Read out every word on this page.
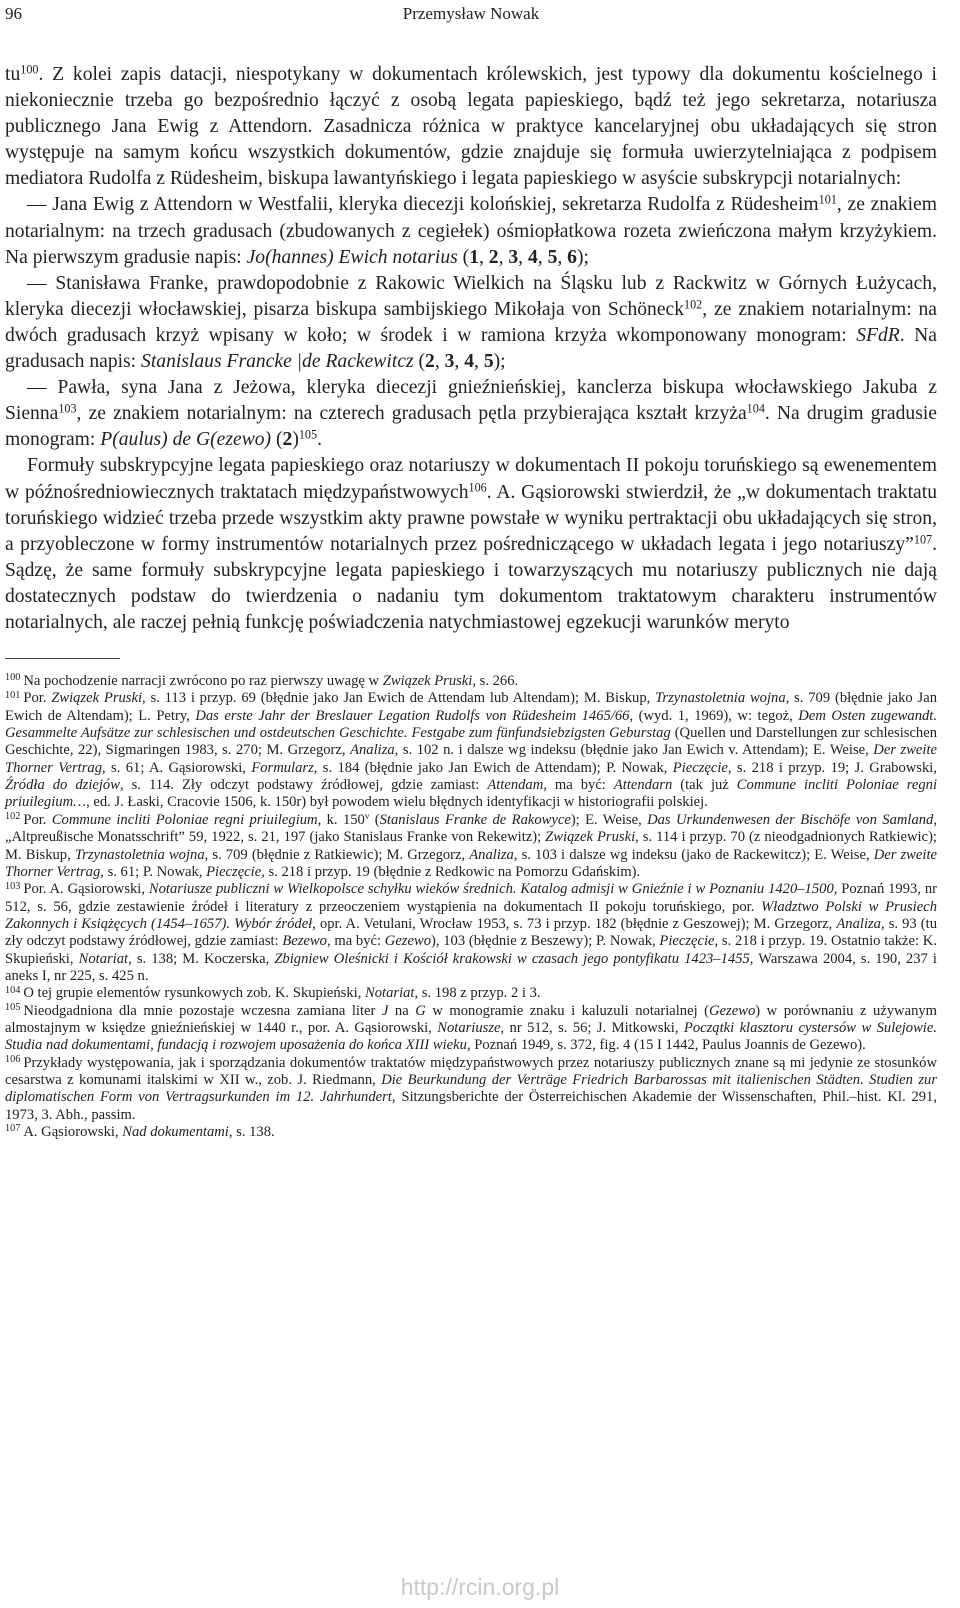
96	Przemysław Nowak

$tu^{100}$. Z kolei zapis datacji, niespotykany w dokumentach królewskich, jest typowy dla dokumentu kościelnego i niekoniecznie trzeba go bezpośrednio łączyć z osobą legata papieskiego, bądź też jego sekretarza, notariusza publicznego Jana Ewig z Attendorn. Zasadnicza różnica w praktyce kancelaryjnej obu układających się stron występuje na samym końcu wszystkich dokumentów, gdzie znajduje się formuła uwierzytelniająca z podpisem mediatora Rudolfa z Rüdesheim, biskupa lawantyńskiego i legata papieskiego w asyście subskrypcji notarialnych:

— Jana Ewig z Attendorn w Westfalii, kleryka diecezji kolońskiej, sekretarza Rudolfa z Rüdesheim$^{101}$, ze znakiem notarialnym: na trzech gradusach (zbudowanych z cegiełek) ośmiopłatkowa rozeta zwieńczona małym krzyżykiem. Na pierwszym gradusie napis: Jo(hannes) Ewich notarius (1, 2, 3, 4, 5, 6);

— Stanisława Franke, prawdopodobnie z Rakowic Wielkich na Śląsku lub z Rackwitz w Górnych Łużycach, kleryka diecezji włocławskiej, pisarza biskupa sambijskiego Mikołaja von Schöneck$^{102}$, ze znakiem notarialnym: na dwóch gradusach krzyż wpisany w koło; w środek i w ramiona krzyża wkomponowany monogram: SFdR. Na gradusach napis: Stanislaus Francke |de Rackewitcz (2, 3, 4, 5);

— Pawła, syna Jana z Jeżowa, kleryka diecezji gnieźnieńskiej, kanclerza biskupa włocławskiego Jakuba z Sienna$^{103}$, ze znakiem notarialnym: na czterech gradusach pętla przybierająca kształt krzyża$^{104}$. Na drugim gradusie monogram: P(aulus) de G(ezewo) $(2)^{105}$.

Formuły subskrypcyjne legata papieskiego oraz notariuszy w dokumentach II pokoju toruńskiego są ewenementem w późnośredniowiecznych traktatach międzypaństwowych$^{106}$. A. Gąsiorowski stwierdził, że „w dokumentach traktatu toruńskiego widzieć trzeba przede wszystkim akty prawne powstałe w wyniku pertraktacji obu układających się stron, a przyobleczone w formy instrumentów notarialnych przez pośredniczącego w układach legata i jego notariuszy”$^{107}$. Sądzę, że same formuły subskrypcyjne legata papieskiego i towarzyszących mu notariuszy publicznych nie dają dostatecznych podstaw do twierdzenia o nadaniu tym dokumentom traktatowym charakteru instrumentów notarialnych, ale raczej pełnią funkcję poświadczenia natychmiastowej egzekucji warunków meryto

$^{100}$ Na pochodzenie narracji zwrócono po raz pierwszy uwagę w Związek Pruski, s. 266.

$^{101}$ Por. Związek Pruski, s. 113 i przyp. 69 (błędnie jako Jan Ewich de Attendam lub Altendam); M. Biskup, Trzynastoletnia wojna, s. 709 (błędnie jako Jan Ewich de Altendam); L. Petry, Das erste Jahr der Breslauer Legation Rudolfs von Rüdesheim 1465/66, (wyd. 1, 1969), w: tegoż, Dem Osten zugewandt. Gesammelte Aufsätze zur schlesischen und ostdeutschen Geschichte. Festgabe zum fünfundsiebzigsten Geburstag (Quellen und Darstellungen zur schlesischen Geschichte, 22), Sigmaringen 1983, s. 270; M. Grzegorz, Analiza, s. 102 n. i dalsze wg indeksu (błędnie jako Jan Ewich v. Attendam); E. Weise, Der zweite Thorner Vertrag, s. 61; A. Gąsiorowski, Formularz, s. 184 (błędnie jako Jan Ewich de Attendam); P. Nowak, Pieczęcie, s. 218 i przyp. 19; J. Grabowski, Źródła do dziejów, s. 114. Zły odczyt podstawy źródłowej, gdzie zamiast: Attendam, ma być: Attendarn (tak już Commune incliti Poloniae regni priuilegium…, ed. J. Łaski, Cracovie 1506, k. 150r) był powodem wielu błędnych identyfikacji w historiografii polskiej.

$^{102}$ Por. Commune incliti Poloniae regni priuilegium, k. 150$^v$ (Stanislaus Franke de Rakowyce); E. Weise, Das Urkundenwesen der Bischöfe von Samland, „Altpreußische Monatsschrift” 59, 1922, s. 21, 197 (jako Stanislaus Franke von Rekewitz); Związek Pruski, s. 114 i przyp. 70 (z nieodgadnionych Ratkiewic); M. Biskup, Trzynastoletnia wojna, s. 709 (błędnie z Ratkiewic); M. Grzegorz, Analiza, s. 103 i dalsze wg indeksu (jako de Rackewitcz); E. Weise, Der zweite Thorner Vertrag, s. 61; P. Nowak, Pieczęcie, s. 218 i przyp. 19 (błędnie z Redkowic na Pomorzu Gdańskim).

$^{103}$ Por. A. Gąsiorowski, Notariusze publiczni w Wielkopolsce schyłku wieków średnich. Katalog admisji w Gnieźnie i w Poznaniu 1420–1500, Poznań 1993, nr 512, s. 56, gdzie zestawienie źródeł i literatury z przeoczeniem wystąpienia na dokumentach II pokoju toruńskiego, por. Władztwo Polski w Prusiech Zakonnych i Książęcych (1454–1657). Wybór źródeł, opr. A. Vetulani, Wrocław 1953, s. 73 i przyp. 182 (błędnie z Geszowej); M. Grzegorz, Analiza, s. 93 (tu zły odczyt podstawy źródłowej, gdzie zamiast: Bezewo, ma być: Gezewo), 103 (błędnie z Beszewy); P. Nowak, Pieczęcie, s. 218 i przyp. 19. Ostatnio także: K. Skupieński, Notariat, s. 138; M. Koczerska, Zbigniew Oleśnicki i Kościół krakowski w czasach jego pontyfikatu 1423–1455, Warszawa 2004, s. 190, 237 i aneks I, nr 225, s. 425 n.

$^{104}$ O tej grupie elementów rysunkowych zob. K. Skupieński, Notariat, s. 198 z przyp. 2 i 3.

$^{105}$ Nieodgadniona dla mnie pozostaje wczesna zamiana liter J na G w monogramie znaku i kaluzuli notarialnej (Gezewo) w porównaniu z używanym almostajnym w księdze gnieźnieńskiej w 1440 r., por. A. Gąsiorowski, Notariusze, nr 512, s. 56; J. Mitkowski, Początki klasztoru cystersów w Sulejowie. Studia nad dokumentami, fundacją i rozwojem uposażenia do końca XIII wieku, Poznań 1949, s. 372, fig. 4 (15 I 1442, Paulus Joannis de Gezewo).

$^{106}$ Przykłady występowania, jak i sporządzania dokumentów traktatów międzypaństwowych przez notariuszy publicznych znane są mi jedynie ze stosunków cesarstwa z komunami italskimi w XII w., zob. J. Riedmann, Die Beurkundung der Verträge Friedrich Barbarossas mit italienischen Städten. Studien zur diplomatischen Form von Vertragsurkunden im 12. Jahrhundert, Sitzungsberichte der Österreichischen Akademie der Wissenschaften, Phil.–hist. Kl. 291, 1973, 3. Abh., passim.

$^{107}$ A. Gąsiorowski, Nad dokumentami, s. 138.

http://rcin.org.pl
